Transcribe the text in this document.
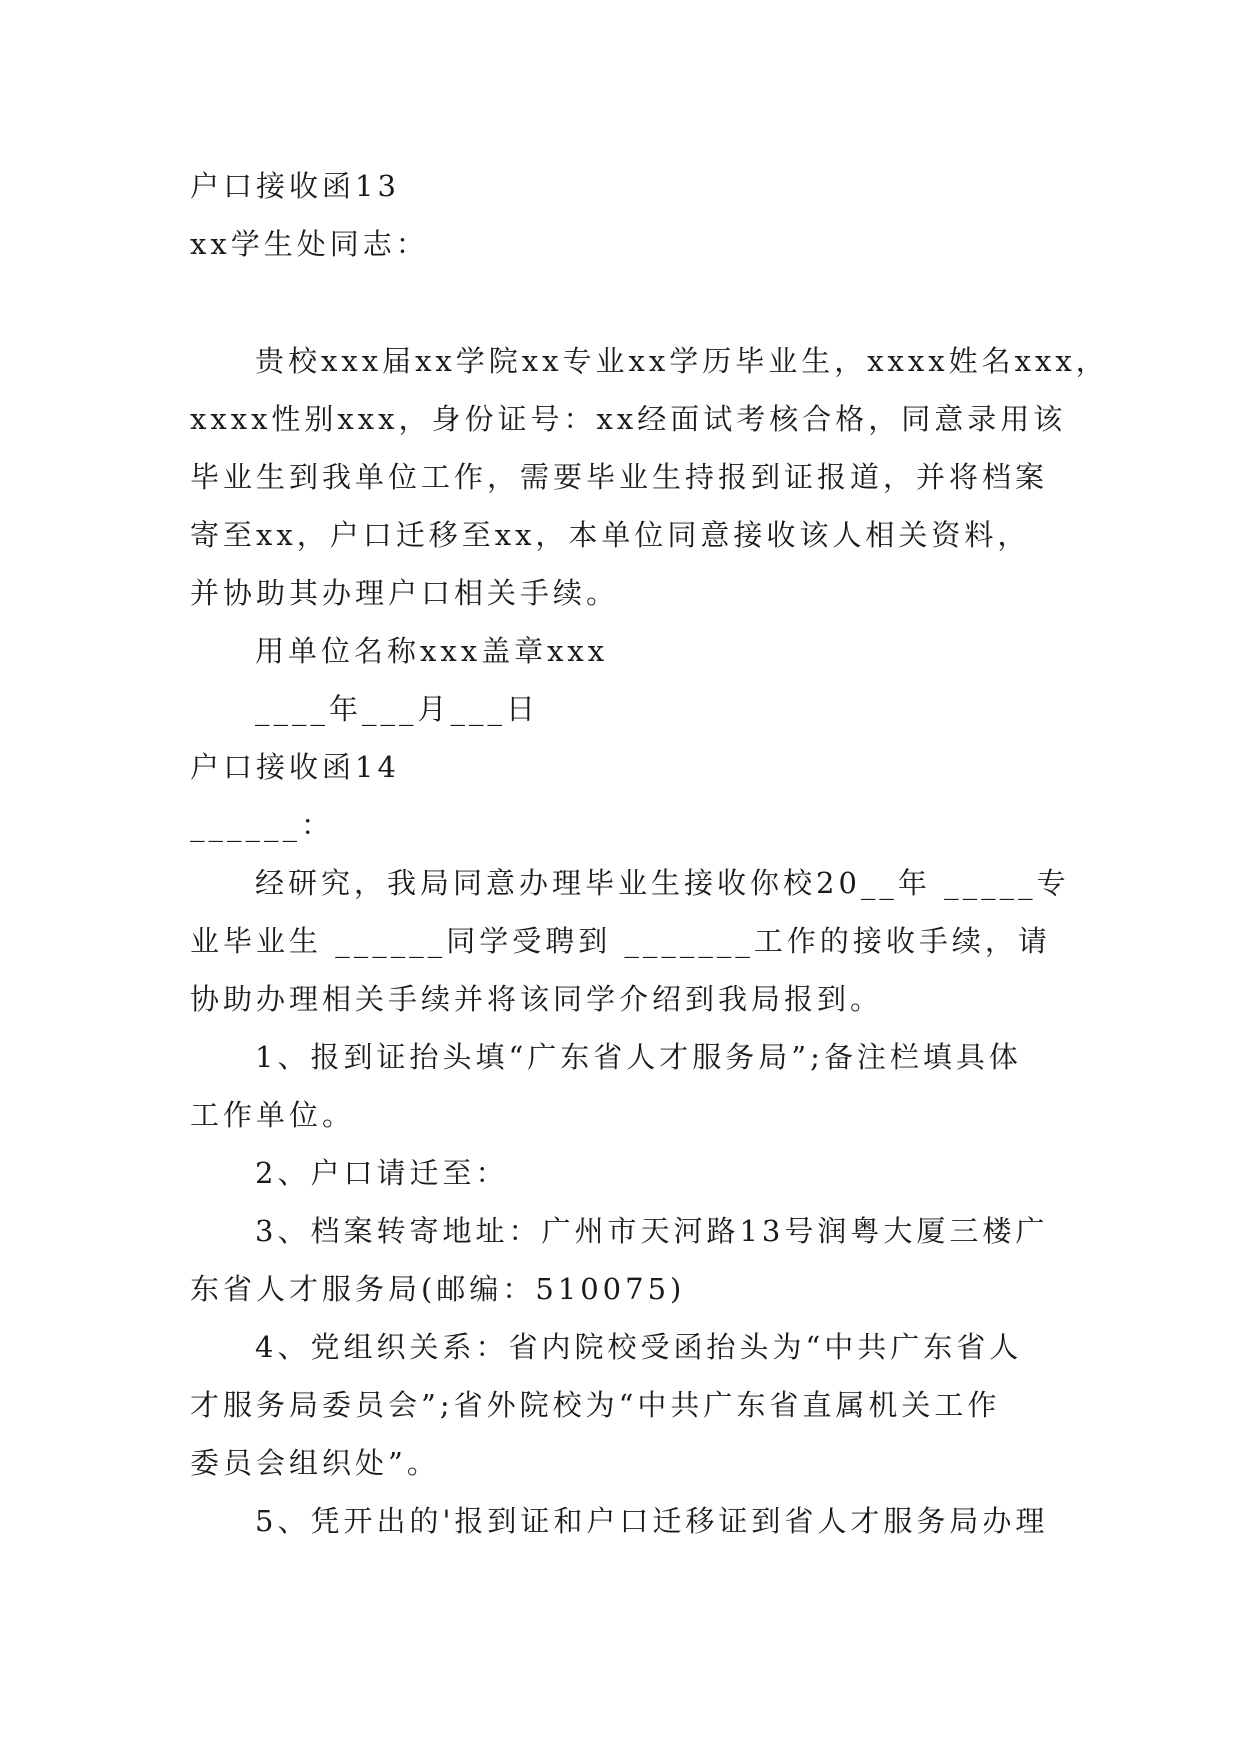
户口接收函13
xx学生处同志：
贵校xxx届xx学院xx专业xx学历毕业生，xxxx姓名xxx，
xxxx性别xxx，身份证号：xx经面试考核合格，同意录用该
毕业生到我单位工作，需要毕业生持报到证报道，并将档案
寄至xx，户口迁移至xx，本单位同意接收该人相关资料，
并协助其办理户口相关手续。
用单位名称xxx盖章xxx
____年___月___日
户口接收函14
______：
经研究，我局同意办理毕业生接收你校20__年 _____专
业毕业生 ______同学受聘到 _______工作的接收手续，请
协助办理相关手续并将该同学介绍到我局报到。
1、报到证抬头填“广东省人才服务局”;备注栏填具体
工作单位。
2、户口请迁至：
3、档案转寄地址：广州市天河路13号润粤大厦三楼广
东省人才服务局(邮编：510075)
4、党组织关系：省内院校受函抬头为“中共广东省人
才服务局委员会”;省外院校为“中共广东省直属机关工作
委员会组织处”。
5、凭开出的'报到证和户口迁移证到省人才服务局办理
